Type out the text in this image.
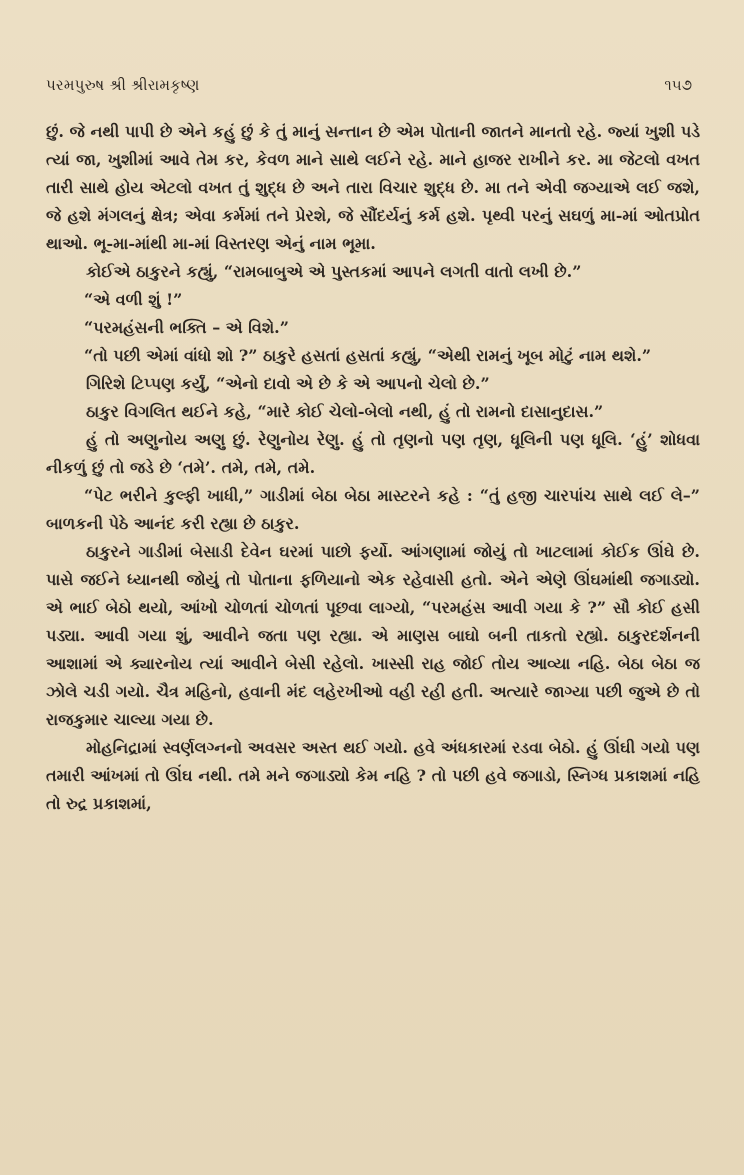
પરમપુરુષ શ્રી શ્રીરામકૃષ્ણ	૧૫૭

છું. જે નથી પાપી છે એને કહું છું કે તું માનું સન્તાન છે એમ પોતાની જાતને માનતો રહે. જ્યાં ખુશી પડે ત્યાં જા, ખુશીમાં આવે તેમ કર, કેવળ માને સાથે લઈને રહે. માને હાજર રાખીને કર. મા જેટલો વખત તારી સાથે હોય એટલો વખત તું શુદ્ધ છે અને તારા વિચાર શુદ્ધ છે. મા તને એવી જગ્યાએ લઈ જશે, જે હશે મંગલનું ક્ષેત્ર; એવા કર્મમાં તને પ્રેરશે, જે સૌંદર્યનું કર્મ હશે. પૃથ્વી પરનું સઘળું મા-માં ઓતપ્રોત થાઓ. ભૂ-મા-માંથી મા-માં વિસ્તરણ એનું નામ ભૂમા.

કોઈએ ઠાકુરને કહ્યું, “રામબાબુએ એ પુસ્તકમાં આપને લગતી વાતો લખી છે.”

“એ વળી શું !”

“પરમહંસની ભક્તિ – એ વિશે.”

“તો પછી એમાં વાંધો શો ?” ઠાકુરે હસતાં હસતાં કહ્યું, “એથી રામનું ખૂબ મોટું નામ થશે.”

ગિરિશે ટિપ્પણ કર્યું, “એનો દાવો એ છે કે એ આપનો ચેલો છે.”

ઠાકુર વિગલિત થઈને કહે, “મારે કોઈ ચેલો-બેલો નથી, હું તો રામનો દાસાનુદાસ.”

હું તો અણુનોય અણુ છું. રેણુનોય રેણુ. હું તો તૃણનો પણ તૃણ, ધૂલિની પણ ધૂલિ. ‘હું’ શોધવા નીકળું છું તો જડે છે ‘તમે’. તમે, તમે, તમે.

“પેટ ભરીને કુલ્ફી ખાધી,” ગાડીમાં બેઠા બેઠા માસ્ટરને કહે : “તું હજી ચારપાંચ સાથે લઈ લે–” બાળકની પેઠે આનંદ કરી રહ્યા છે ઠાકુર.

ઠાકુરને ગાડીમાં બેસાડી દેવેન ઘરમાં પાછો ફર્યો. આંગણામાં જોયું તો ખાટલામાં કોઈક ઊંઘે છે. પાસે જઈને ધ્યાનથી જોયું તો પોતાના ફળિયાનો એક રહેવાસી હતો. એને એણે ઊંઘમાંથી જગાડ્યો. એ ભાઈ બેઠો થયો, આંખો ચોળતાં ચોળતાં પૂછવા લાગ્યો, “પરમહંસ આવી ગયા કે ?” સૌ કોઈ હસી પડ્યા. આવી ગયા શું, આવીને જતા પણ રહ્યા. એ માણસ બાઘો બની તાકતો રહ્યો. ઠાકુરદર્શનની આશામાં એ ક્યારનોય ત્યાં આવીને બેસી રહેલો. ખાસ્સી રાહ જોઈ તોય આવ્યા નહિ. બેઠા બેઠા જ ઝોલે ચડી ગયો. ચૈત્ર મહિનો, હવાની મંદ લહેરખીઓ વહી રહી હતી. અત્યારે જાગ્યા પછી જુએ છે તો રાજકુમાર ચાલ્યા ગયા છે.

મોહનિદ્રામાં સ્વર્ણલગ્નનો અવસર અસ્ત થઈ ગયો. હવે અંધકારમાં રડવા બેઠો. હું ઊંઘી ગયો પણ તમારી આંખમાં તો ઊંઘ નથી. તમે મને જગાડ્યો કેમ નહિ ? તો પછી હવે જગાડો, સ્નિગ્ધ પ્રકાશમાં નહિ તો રુદ્ર પ્રકાશમાં,
